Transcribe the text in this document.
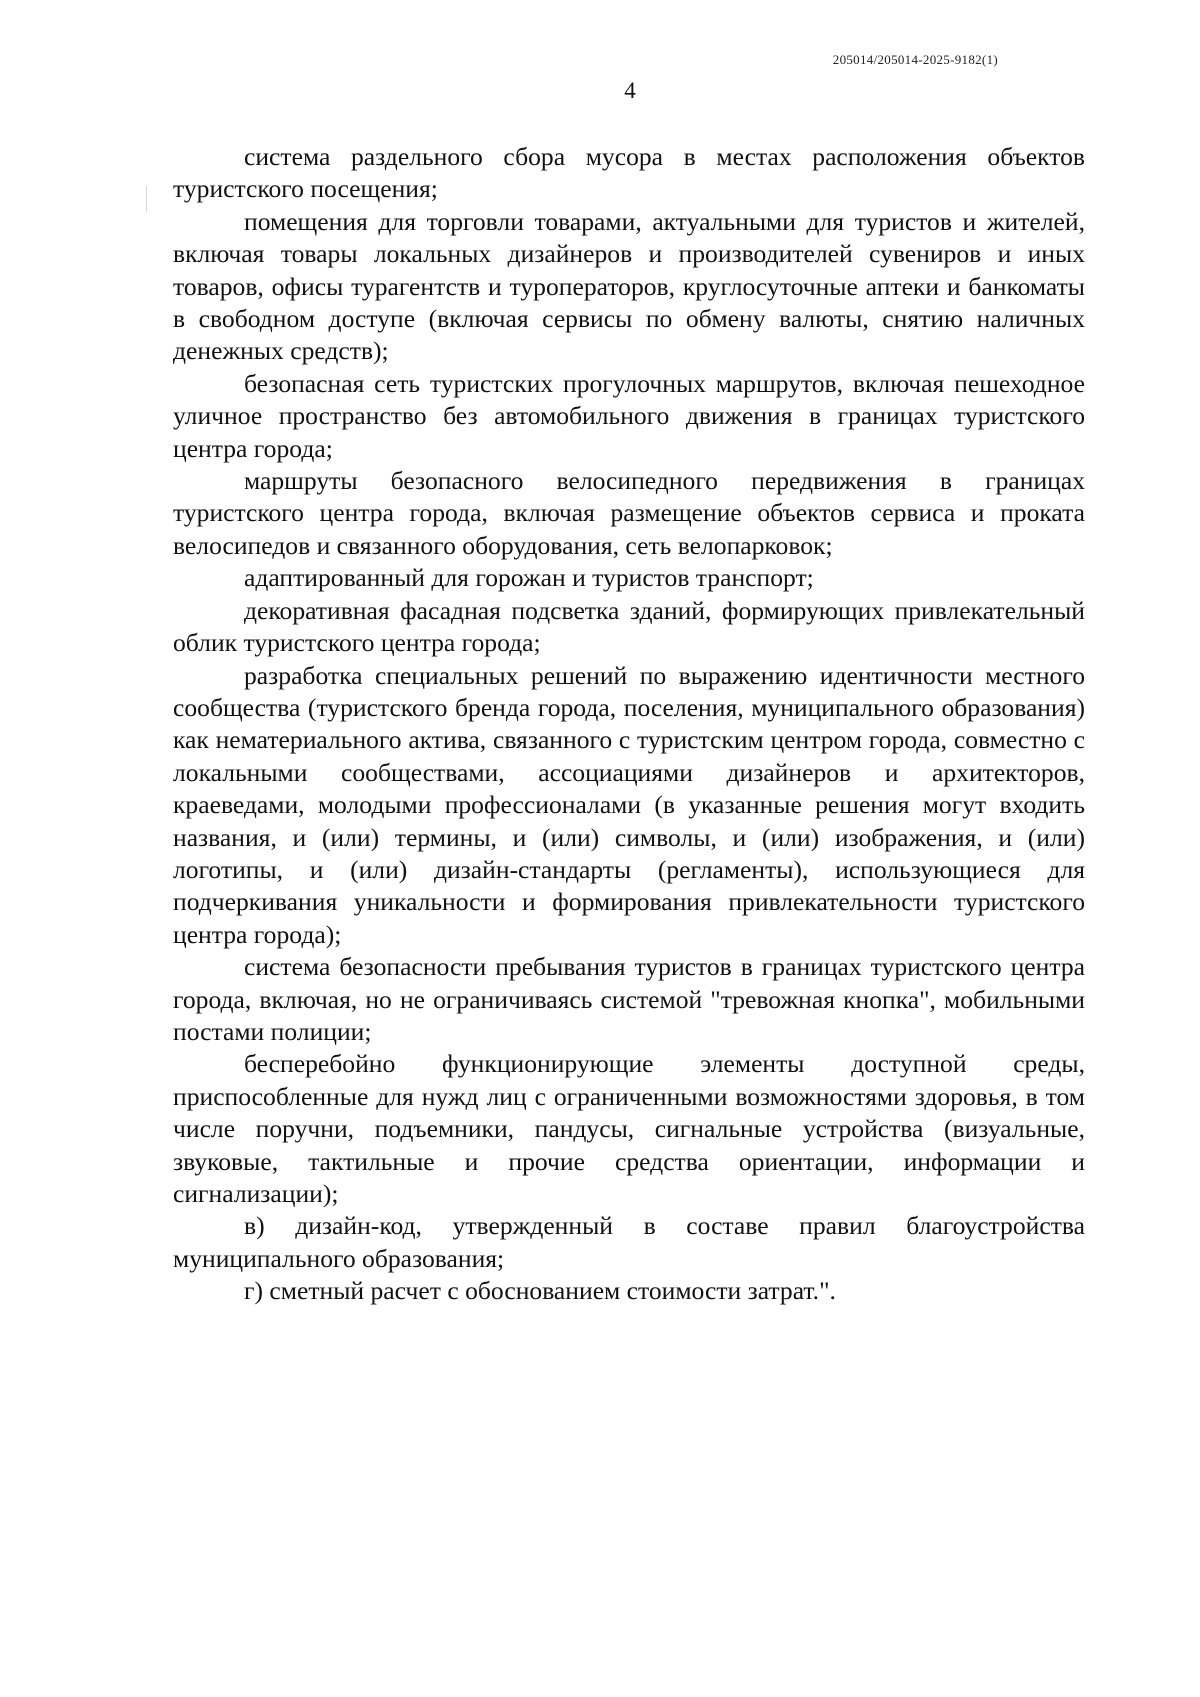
205014/205014-2025-9182(1)
4

система раздельного сбора мусора в местах расположения объектов туристского посещения;

помещения для торговли товарами, актуальными для туристов и жителей, включая товары локальных дизайнеров и производителей сувениров и иных товаров, офисы турагентств и туроператоров, круглосуточные аптеки и банкоматы в свободном доступе (включая сервисы по обмену валюты, снятию наличных денежных средств);

безопасная сеть туристских прогулочных маршрутов, включая пешеходное уличное пространство без автомобильного движения в границах туристского центра города;

маршруты безопасного велосипедного передвижения в границах туристского центра города, включая размещение объектов сервиса и проката велосипедов и связанного оборудования, сеть велопарковок;

адаптированный для горожан и туристов транспорт;

декоративная фасадная подсветка зданий, формирующих привлекательный облик туристского центра города;

разработка специальных решений по выражению идентичности местного сообщества (туристского бренда города, поселения, муниципального образования) как нематериального актива, связанного с туристским центром города, совместно с локальными сообществами, ассоциациями дизайнеров и архитекторов, краеведами, молодыми профессионалами (в указанные решения могут входить названия, и (или) термины, и (или) символы, и (или) изображения, и (или) логотипы, и (или) дизайн-стандарты (регламенты), использующиеся для подчеркивания уникальности и формирования привлекательности туристского центра города);

система безопасности пребывания туристов в границах туристского центра города, включая, но не ограничиваясь системой "тревожная кнопка", мобильными постами полиции;

бесперебойно функционирующие элементы доступной среды, приспособленные для нужд лиц с ограниченными возможностями здоровья, в том числе поручни, подъемники, пандусы, сигнальные устройства (визуальные, звуковые, тактильные и прочие средства ориентации, информации и сигнализации);

в) дизайн-код, утвержденный в составе правил благоустройства муниципального образования;

г) сметный расчет с обоснованием стоимости затрат.".
